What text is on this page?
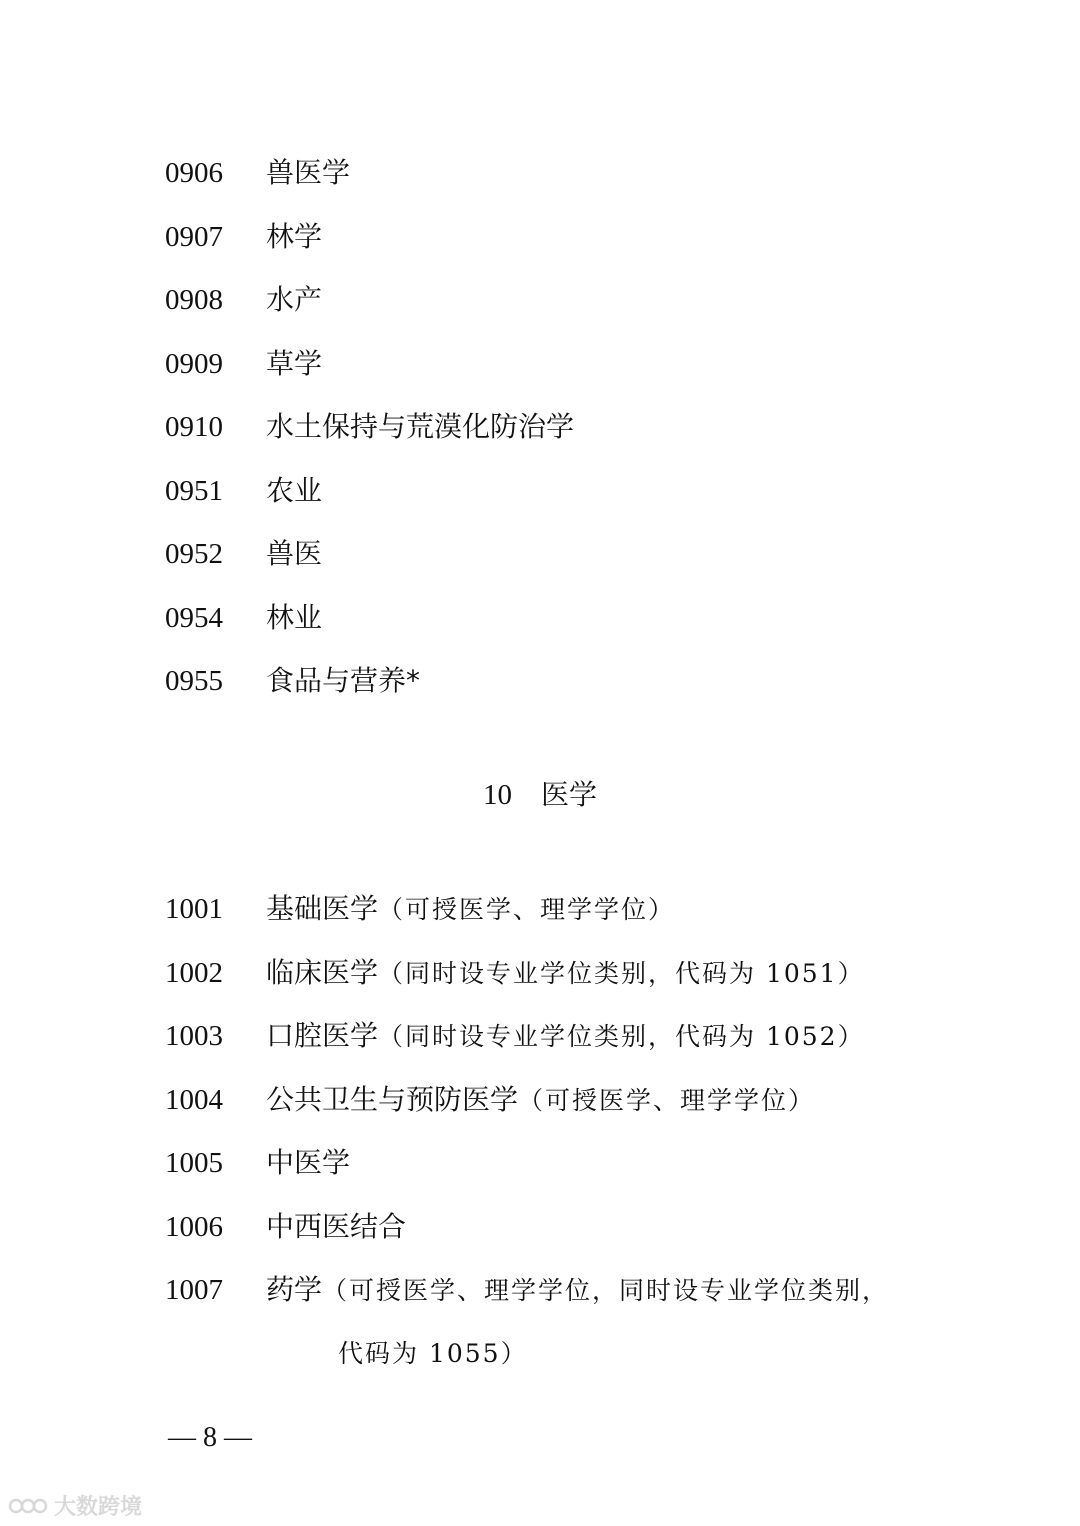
0906 兽医学
0907 林学
0908 水产
0909 草学
0910 水土保持与荒漠化防治学
0951 农业
0952 兽医
0954 林业
0955 食品与营养*
10 医学
1001 基础医学（可授医学、理学学位）
1002 临床医学（同时设专业学位类别，代码为 1051）
1003 口腔医学（同时设专业学位类别，代码为 1052）
1004 公共卫生与预防医学（可授医学、理学学位）
1005 中医学
1006 中西医结合
1007 药学（可授医学、理学学位，同时设专业学位类别，
代码为 1055）
— 8 —
大数跨境
